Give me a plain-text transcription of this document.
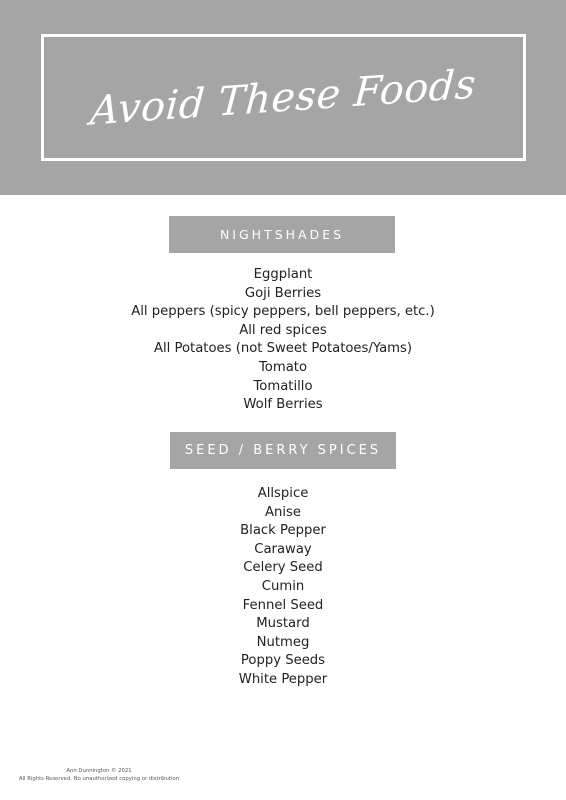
Avoid These Foods
NIGHTSHADES
Eggplant
Goji Berries
All peppers (spicy peppers, bell peppers, etc.)
All red spices
All Potatoes (not Sweet Potatoes/Yams)
Tomato
Tomatillo
Wolf Berries
SEED / BERRY SPICES
Allspice
Anise
Black Pepper
Caraway
Celery Seed
Cumin
Fennel Seed
Mustard
Nutmeg
Poppy Seeds
White Pepper
Ann Dunnington © 2021
All Rights Reserved. No unauthorized copying or distribution
